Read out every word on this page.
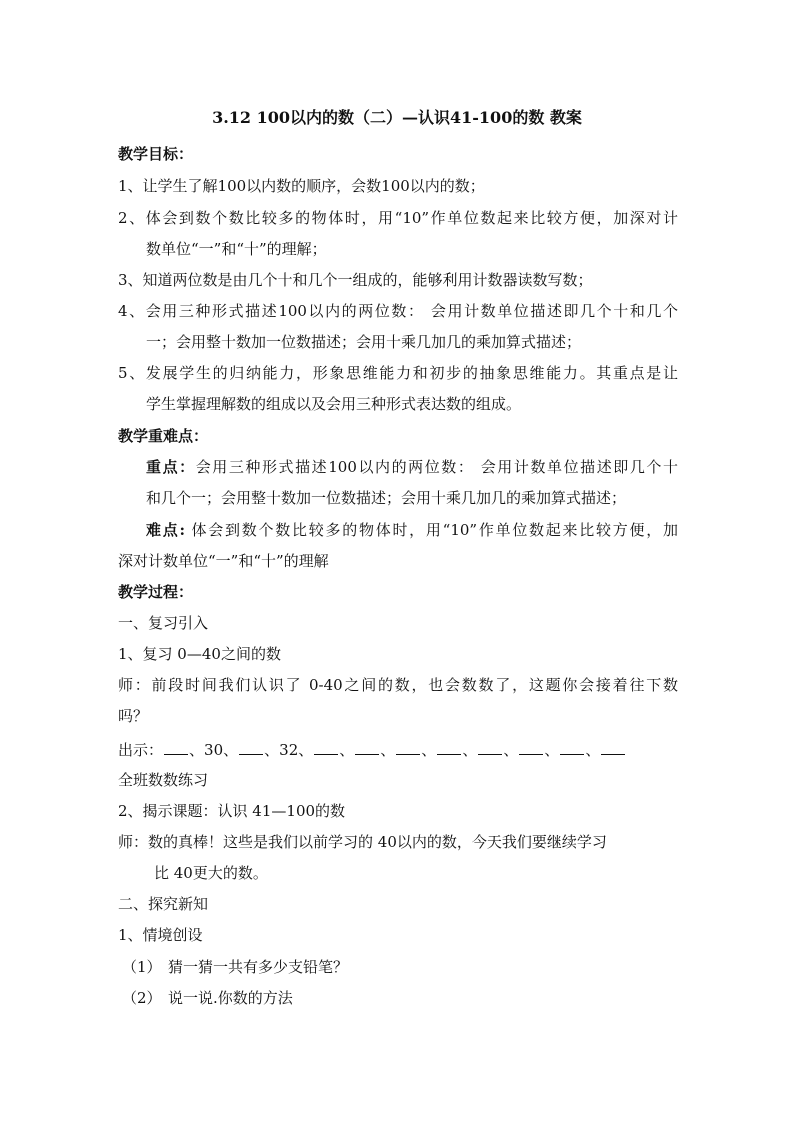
3.12 100以内的数（二）—认识41-100的数 教案
教学目标：
1、让学生了解100以内数的顺序，会数100以内的数；
2、体会到数个数比较多的物体时，用“10”作单位数起来比较方便，加深对计
数单位“一”和“十”的理解；
3、知道两位数是由几个十和几个一组成的，能够利用计数器读数写数；
4、会用三种形式描述100以内的两位数： 会用计数单位描述即几个十和几个
一；会用整十数加一位数描述；会用十乘几加几的乘加算式描述；
5、发展学生的归纳能力，形象思维能力和初步的抽象思维能力。其重点是让
学生掌握理解数的组成以及会用三种形式表达数的组成。
教学重难点：
重点：会用三种形式描述100以内的两位数： 会用计数单位描述即几个十
和几个一；会用整十数加一位数描述；会用十乘几加几的乘加算式描述；
难点: 体会到数个数比较多的物体时，用“10”作单位数起来比较方便，加
深对计数单位“一”和“十”的理解
教学过程：
一、复习引入
1、复习 0—40之间的数
师：前段时间我们认识了 0-40之间的数，也会数数了，这题你会接着往下数
吗？
出示： 、30、 、32、 、 、 、 、 、 、 、
全班数数练习
2、揭示课题：认识 41—100的数
师：数的真棒！这些是我们以前学习的 40以内的数，今天我们要继续学习
比 40更大的数。
二、探究新知
1、情境创设
（1） 猜一猜一共有多少支铅笔？
（2） 说一说.你数的方法
